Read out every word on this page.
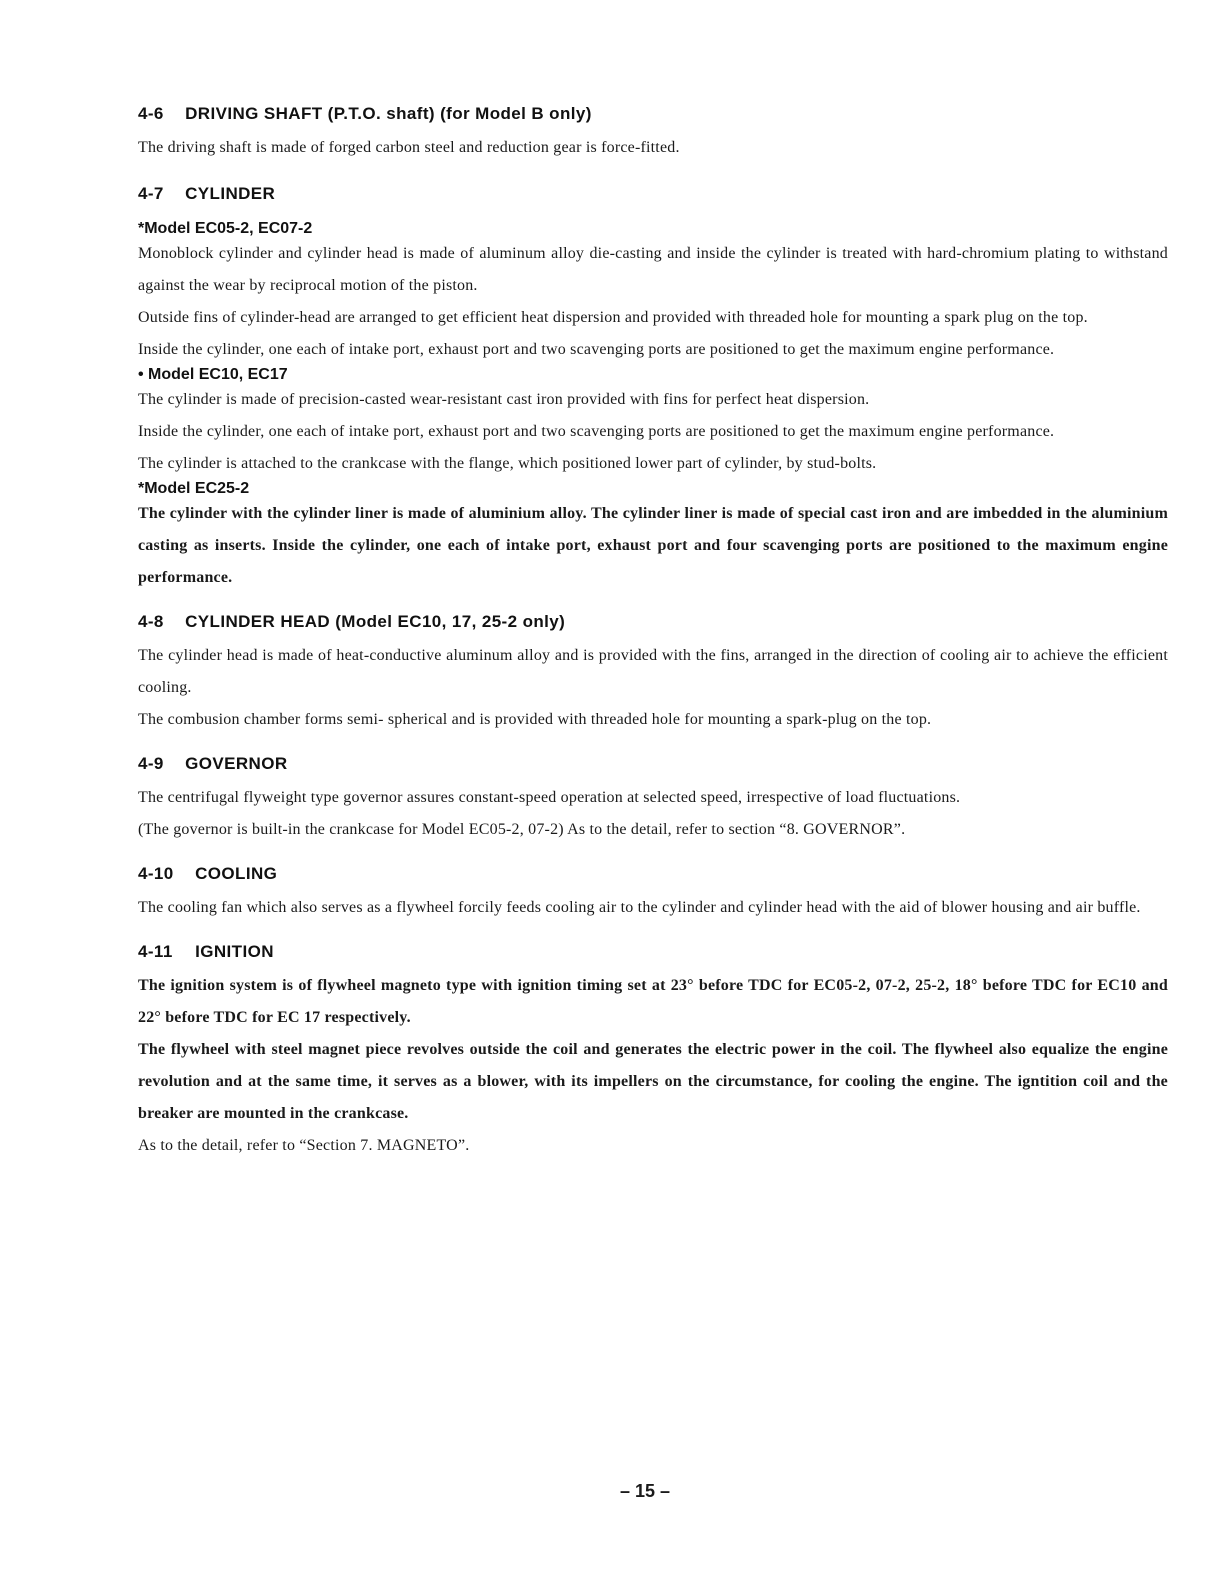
4-6 DRIVING SHAFT (P.T.O. shaft) (for Model B only)

The driving shaft is made of forged carbon steel and reduction gear is force-fitted.

4-7 CYLINDER
*Model EC05-2, EC07-2

Monoblock cylinder and cylinder head is made of aluminum alloy die-casting and inside the cylinder is treated with hard-chromium plating to withstand against the wear by reciprocal motion of the piston.

Outside fins of cylinder-head are arranged to get efficient heat dispersion and provided with threaded hole for mounting a spark plug on the top.

Inside the cylinder, one each of intake port, exhaust port and two scavenging ports are positioned to get the maximum engine performance.

• Model EC10, EC17

The cylinder is made of precision-casted wear-resistant cast iron provided with fins for perfect heat dispersion.

Inside the cylinder, one each of intake port, exhaust port and two scavenging ports are positioned to get the maximum engine performance.

The cylinder is attached to the crankcase with the flange, which positioned lower part of cylinder, by stud-bolts.

*Model EC25-2

The cylinder with the cylinder liner is made of aluminium alloy. The cylinder liner is made of special cast iron and are imbedded in the aluminium casting as inserts. Inside the cylinder, one each of intake port, exhaust port and four scavenging ports are positioned to the maximum engine performance.

4-8 CYLINDER HEAD (Model EC10, 17, 25-2 only)

The cylinder head is made of heat-conductive aluminum alloy and is provided with the fins, arranged in the direction of cooling air to achieve the efficient cooling.

The combusion chamber forms semi- spherical and is provided with threaded hole for mounting a spark-plug on the top.

4-9 GOVERNOR

The centrifugal flyweight type governor assures constant-speed operation at selected speed, irrespective of load fluctuations.

(The governor is built-in the crankcase for Model EC05-2, 07-2) As to the detail, refer to section “8. GOVERNOR”.

4-10 COOLING

The cooling fan which also serves as a flywheel forcily feeds cooling air to the cylinder and cylinder head with the aid of blower housing and air buffle.

4-11 IGNITION

The ignition system is of flywheel magneto type with ignition timing set at 23° before TDC for EC05-2, 07-2, 25-2, 18° before TDC for EC10 and 22° before TDC for EC 17 respectively.

The flywheel with steel magnet piece revolves outside the coil and generates the electric power in the coil. The flywheel also equalize the engine revolution and at the same time, it serves as a blower, with its impellers on the circumstance, for cooling the engine. The igntition coil and the breaker are mounted in the crankcase.

As to the detail, refer to “Section 7. MAGNETO”.

– 15 –
